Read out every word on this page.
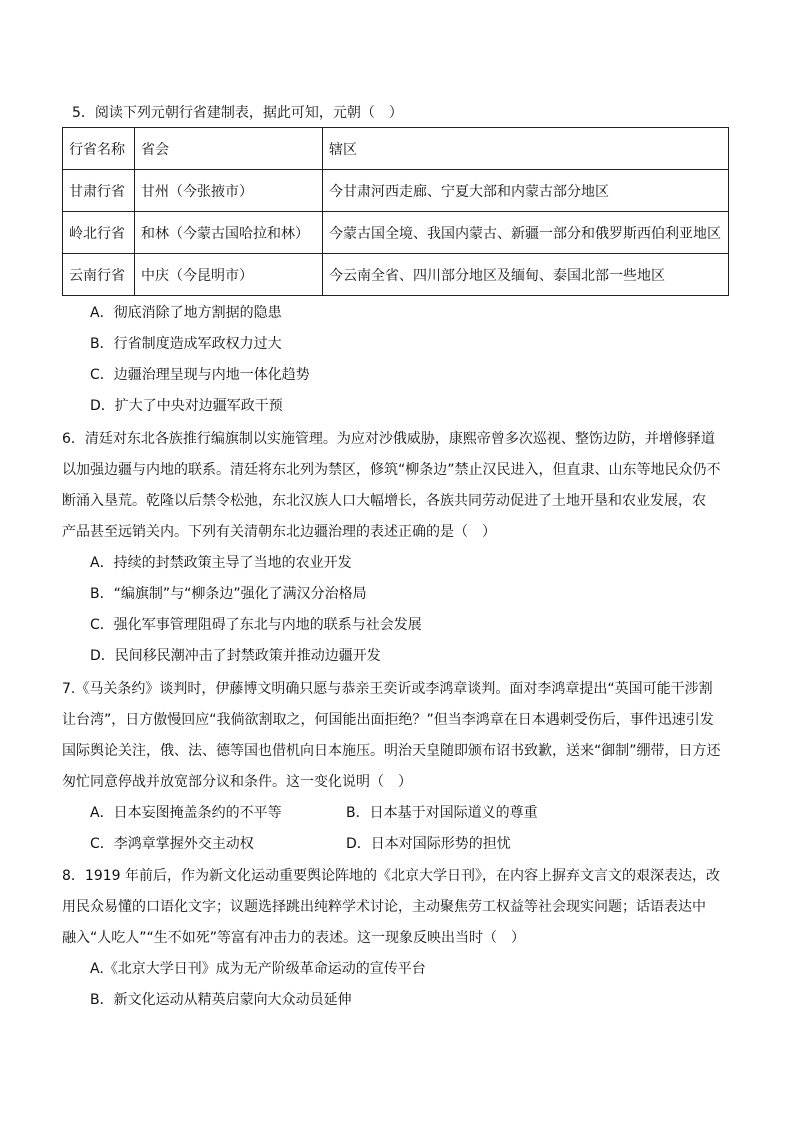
5．阅读下列元朝行省建制表，据此可知，元朝（　）
行省名称	省会	辖区
甘肃行省	甘州（今张掖市）	今甘肃河西走廊、宁夏大部和内蒙古部分地区
岭北行省	和林（今蒙古国哈拉和林）	今蒙古国全境、我国内蒙古、新疆一部分和俄罗斯西伯利亚地区
云南行省	中庆（今昆明市）	今云南全省、四川部分地区及缅甸、泰国北部一些地区
A．彻底消除了地方割据的隐患
B．行省制度造成军政权力过大
C．边疆治理呈现与内地一体化趋势
D．扩大了中央对边疆军政干预
6．清廷对东北各族推行编旗制以实施管理。为应对沙俄威胁，康熙帝曾多次巡视、整饬边防，并增修驿道
以加强边疆与内地的联系。清廷将东北列为禁区，修筑“柳条边”禁止汉民进入，但直隶、山东等地民众仍不
断涌入垦荒。乾隆以后禁令松弛，东北汉族人口大幅增长，各族共同劳动促进了土地开垦和农业发展，农
产品甚至远销关内。下列有关清朝东北边疆治理的表述正确的是（　）
A．持续的封禁政策主导了当地的农业开发
B．“编旗制”与“柳条边”强化了满汉分治格局
C．强化军事管理阻碍了东北与内地的联系与社会发展
D．民间移民潮冲击了封禁政策并推动边疆开发
7.《马关条约》谈判时，伊藤博文明确只愿与恭亲王奕䜣或李鸿章谈判。面对李鸿章提出“英国可能干涉割
让台湾”，日方傲慢回应“我倘欲割取之，何国能出面拒绝？”但当李鸿章在日本遇刺受伤后，事件迅速引发
国际舆论关注，俄、法、德等国也借机向日本施压。明治天皇随即颁布诏书致歉，送来“御制”绷带，日方还
匆忙同意停战并放宽部分议和条件。这一变化说明（　）
A．日本妄图掩盖条约的不平等	B．日本基于对国际道义的尊重
C．李鸿章掌握外交主动权	D．日本对国际形势的担忧
8．1919 年前后，作为新文化运动重要舆论阵地的《北京大学日刊》，在内容上摒弃文言文的艰深表达，改
用民众易懂的口语化文字；议题选择跳出纯粹学术讨论，主动聚焦劳工权益等社会现实问题；话语表达中
融入“人吃人”“生不如死”等富有冲击力的表述。这一现象反映出当时（　）
A.《北京大学日刊》成为无产阶级革命运动的宣传平台
B．新文化运动从精英启蒙向大众动员延伸
